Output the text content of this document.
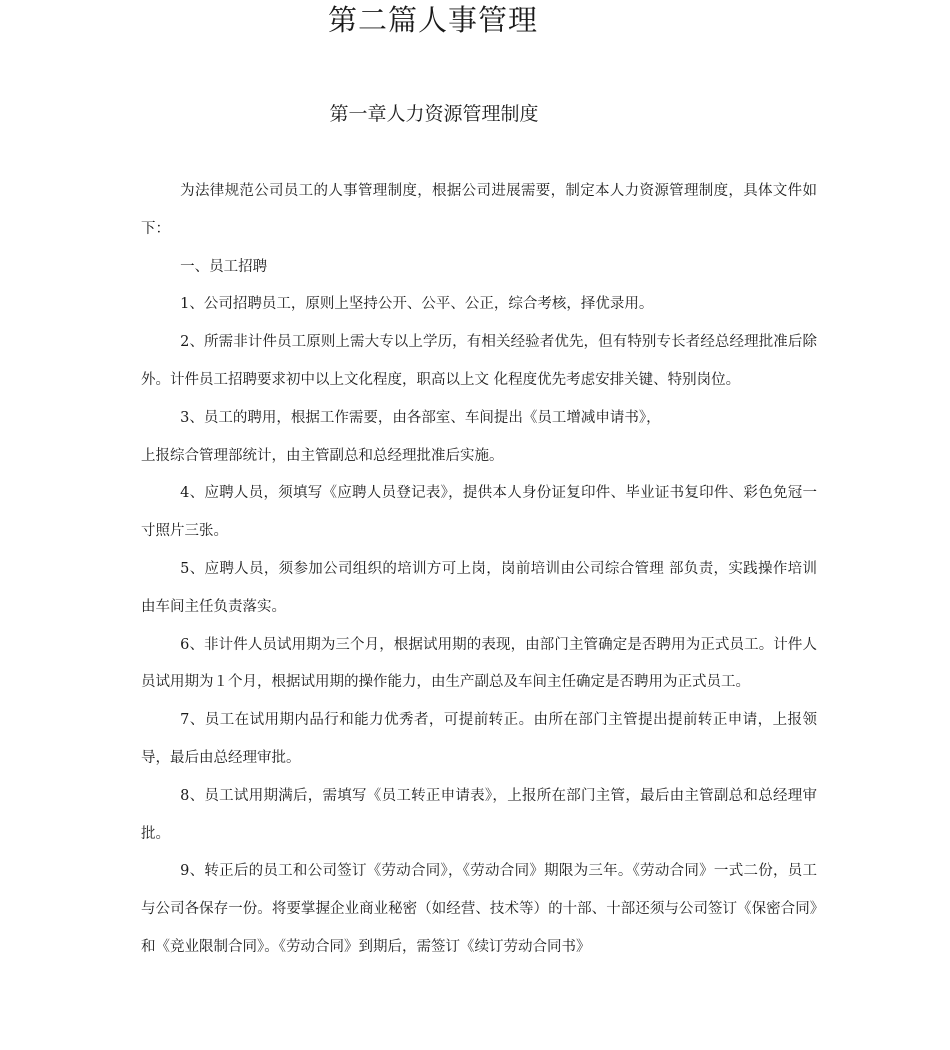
第二篇人事管理
第一章人力资源管理制度

为法律规范公司员工的人事管理制度，根据公司进展需要，制定本人力资源管理制度，具体文件如下：

一、员工招聘

1、公司招聘员工，原则上坚持公开、公平、公正，综合考核，择优录用。

2、所需非计件员工原则上需大专以上学历，有相关经验者优先，但有特别专长者经总经理批准后除外。计件员工招聘要求初中以上文化程度，职高以上文 化程度优先考虑安排关键、特别岗位。

3、员工的聘用，根据工作需要，由各部室、车间提出《员工增减申请书》，

上报综合管理部统计，由主管副总和总经理批准后实施。

4、应聘人员，须填写《应聘人员登记表》，提供本人身份证复印件、毕业证书复印件、彩色免冠一寸照片三张。

5、应聘人员，须参加公司组织的培训方可上岗，岗前培训由公司综合管理 部负责，实践操作培训由车间主任负责落实。

6、非计件人员试用期为三个月，根据试用期的表现，由部门主管确定是否聘用为正式员工。计件人员试用期为１个月，根据试用期的操作能力，由生产副总及车间主任确定是否聘用为正式员工。

7、员工在试用期内品行和能力优秀者，可提前转正。由所在部门主管提出提前转正申请，上报领导，最后由总经理审批。

8、员工试用期满后，需填写《员工转正申请表》，上报所在部门主管，最后由主管副总和总经理审批。

9、转正后的员工和公司签订《劳动合同》，《劳动合同》期限为三年。《劳动合同》一式二份，员工与公司各保存一份。将要掌握企业商业秘密（如经营、技术等）的十部、十部还须与公司签订《保密合同》和《竞业限制合同》。《劳动合同》到期后，需签订《续订劳动合同书》
